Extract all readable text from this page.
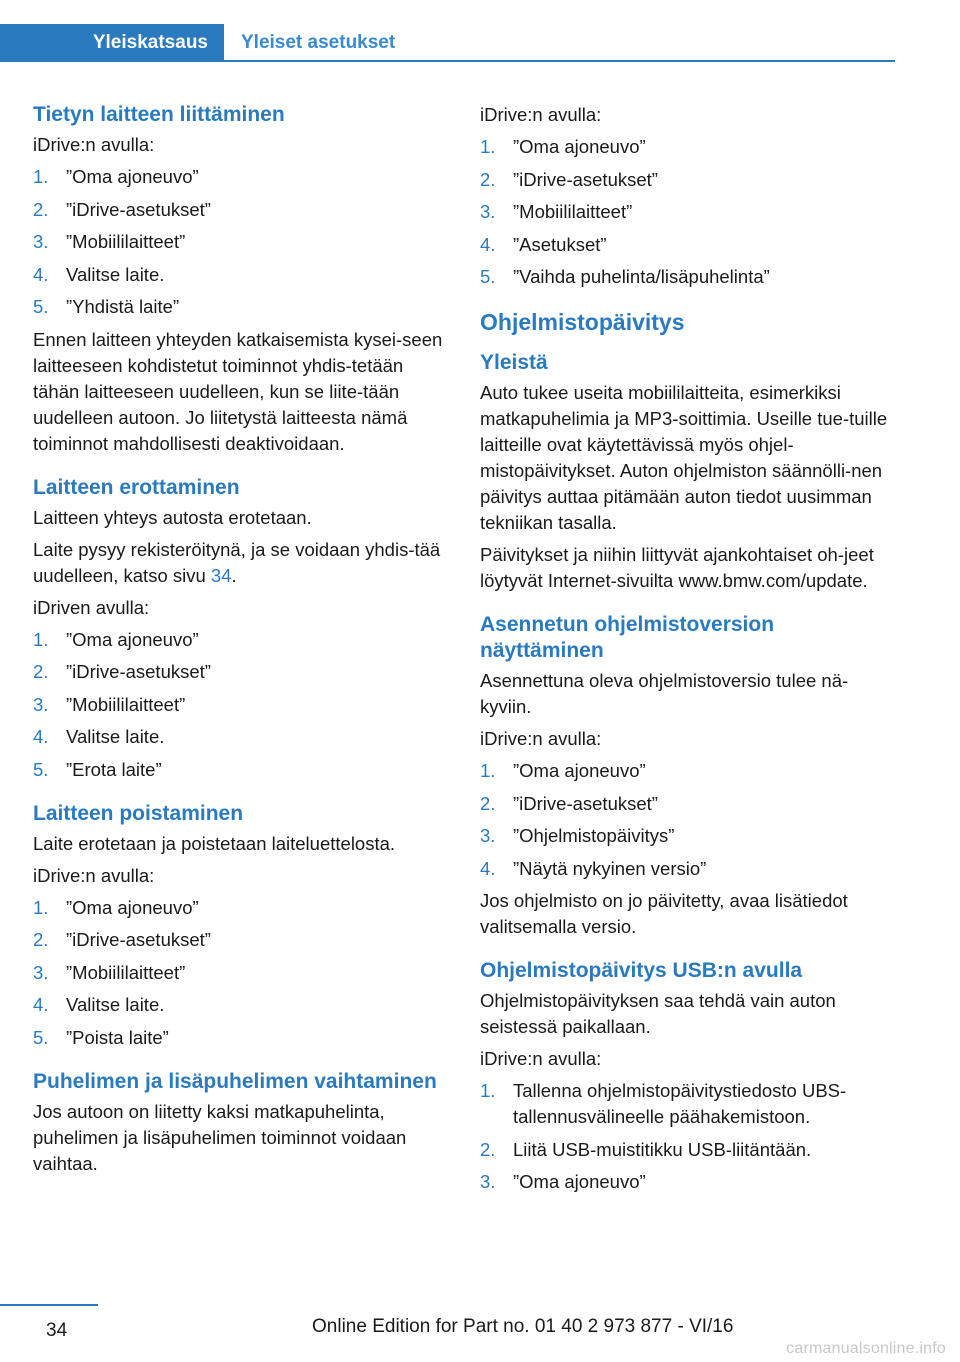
Yleiskatsaus	Yleiset asetukset
Tietyn laitteen liittäminen
iDrive:n avulla:
1. ”Oma ajoneuvo”
2. ”iDrive-asetukset”
3. ”Mobiililaitteet”
4. Valitse laite.
5. ”Yhdistä laite”
Ennen laitteen yhteyden katkaisemista kysei-seen laitteeseen kohdistetut toiminnot yhdis-tetään tähän laitteeseen uudelleen, kun se liite-tään uudelleen autoon. Jo liitetystä laitteesta nämä toiminnot mahdollisesti deaktivoidaan.
Laitteen erottaminen
Laitteen yhteys autosta erotetaan.
Laite pysyy rekisteröitynä, ja se voidaan yhdis-tää uudelleen, katso sivu 34.
iDriven avulla:
1. ”Oma ajoneuvo”
2. ”iDrive-asetukset”
3. ”Mobiililaitteet”
4. Valitse laite.
5. ”Erota laite”
Laitteen poistaminen
Laite erotetaan ja poistetaan laiteluettelosta.
iDrive:n avulla:
1. ”Oma ajoneuvo”
2. ”iDrive-asetukset”
3. ”Mobiililaitteet”
4. Valitse laite.
5. ”Poista laite”
Puhelimen ja lisäpuhelimen vaihtaminen
Jos autoon on liitetty kaksi matkapuhelinta, puhelimen ja lisäpuhelimen toiminnot voidaan vaihtaa.
iDrive:n avulla:
1. ”Oma ajoneuvo”
2. ”iDrive-asetukset”
3. ”Mobiililaitteet”
4. ”Asetukset”
5. ”Vaihda puhelinta/lisäpuhelinta”
Ohjelmistopäivitys
Yleistä
Auto tukee useita mobiililaitteita, esimerkiksi matkapuhelimia ja MP3-soittimia. Useille tue-tuille laitteille ovat käytettävissä myös ohjel-mistopäivitykset. Auton ohjelmiston säännölli-nen päivitys auttaa pitämään auton tiedot uusimman tekniikan tasalla.
Päivitykset ja niihin liittyvät ajankohtaiset oh-jeet löytyvät Internet-sivuilta www.bmw.com/update.
Asennetun ohjelmistoversion näyttäminen
Asennettuna oleva ohjelmistoversio tulee nä-kyviin.
iDrive:n avulla:
1. ”Oma ajoneuvo”
2. ”iDrive-asetukset”
3. ”Ohjelmistopäivitys”
4. ”Näytä nykyinen versio”
Jos ohjelmisto on jo päivitetty, avaa lisätiedot valitsemalla versio.
Ohjelmistopäivitys USB:n avulla
Ohjelmistopäivityksen saa tehdä vain auton seistessä paikallaan.
iDrive:n avulla:
1. Tallenna ohjelmistopäivitystiedosto UBS-tallennusvälineelle päähakemistoon.
2. Liitä USB-muistitikku USB-liitäntään.
3. ”Oma ajoneuvo”
34	Online Edition for Part no. 01 40 2 973 877 - VI/16
carmanualsonline.info
